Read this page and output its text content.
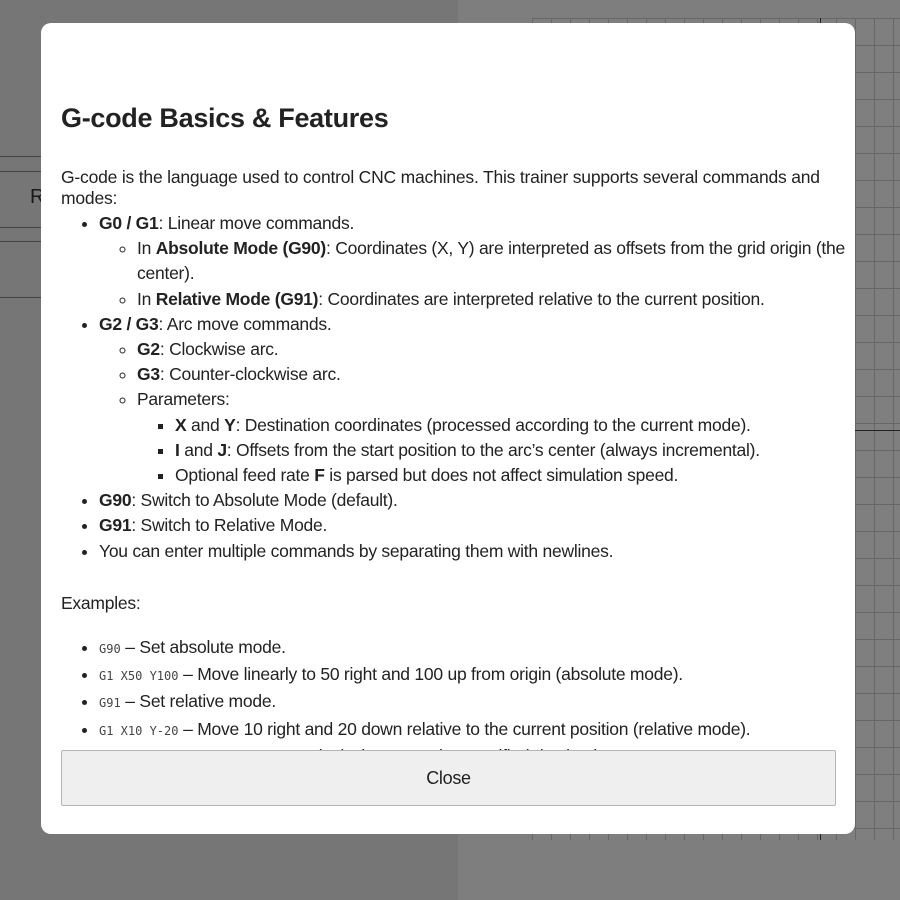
G-code Basics & Features
G-code is the language used to control CNC machines. This trainer supports several commands and modes:
• G0 / G1: Linear move commands.
◦ In Absolute Mode (G90): Coordinates (X, Y) are interpreted as offsets from the grid origin (the center).
◦ In Relative Mode (G91): Coordinates are interpreted relative to the current position.
• G2 / G3: Arc move commands.
◦ G2: Clockwise arc.
◦ G3: Counter-clockwise arc.
◦ Parameters:
▪ X and Y: Destination coordinates (processed according to the current mode).
▪ I and J: Offsets from the start position to the arc’s center (always incremental).
▪ Optional feed rate F is parsed but does not affect simulation speed.
• G90: Switch to Absolute Mode (default).
• G91: Switch to Relative Mode.
• You can enter multiple commands by separating them with newlines.
Examples:
• G90 – Set absolute mode.
• G1 X50 Y100 – Move linearly to 50 right and 100 up from origin (absolute mode).
• G91 – Set relative mode.
• G1 X10 Y-20 – Move 10 right and 20 down relative to the current position (relative mode).
•
Close
